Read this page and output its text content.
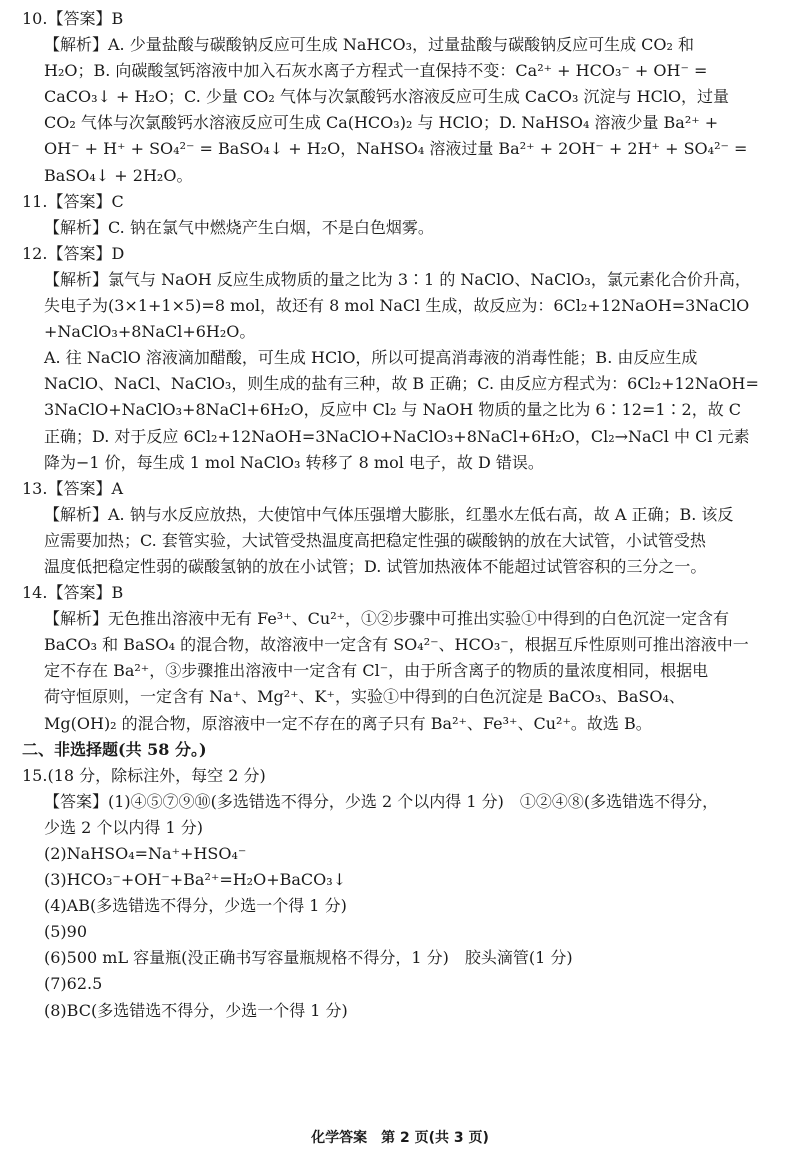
10.【答案】B
【解析】A. 少量盐酸与碳酸钠反应可生成 NaHCO₃，过量盐酸与碳酸钠反应可生成 CO₂ 和
H₂O；B. 向碳酸氢钙溶液中加入石灰水离子方程式一直保持不变：Ca²⁺ + HCO₃⁻ + OH⁻ =
CaCO₃↓ + H₂O；C. 少量 CO₂ 气体与次氯酸钙水溶液反应可生成 CaCO₃ 沉淀与 HClO，过量
CO₂ 气体与次氯酸钙水溶液反应可生成 Ca(HCO₃)₂ 与 HClO；D. NaHSO₄ 溶液少量 Ba²⁺ +
OH⁻ + H⁺ + SO₄²⁻ = BaSO₄↓ + H₂O，NaHSO₄ 溶液过量 Ba²⁺ + 2OH⁻ + 2H⁺ + SO₄²⁻ =
BaSO₄↓ + 2H₂O。
11.【答案】C
【解析】C. 钠在氯气中燃烧产生白烟，不是白色烟雾。
12.【答案】D
【解析】氯气与 NaOH 反应生成物质的量之比为 3∶1 的 NaClO、NaClO₃，氯元素化合价升高，
失电子为(3×1+1×5)=8 mol，故还有 8 mol NaCl 生成，故反应为：6Cl₂+12NaOH=3NaClO
+NaClO₃+8NaCl+6H₂O。
A. 往 NaClO 溶液滴加醋酸，可生成 HClO，所以可提高消毒液的消毒性能；B. 由反应生成
NaClO、NaCl、NaClO₃，则生成的盐有三种，故 B 正确；C. 由反应方程式为：6Cl₂+12NaOH=
3NaClO+NaClO₃+8NaCl+6H₂O，反应中 Cl₂ 与 NaOH 物质的量之比为 6∶12=1∶2，故 C
正确；D. 对于反应 6Cl₂+12NaOH=3NaClO+NaClO₃+8NaCl+6H₂O，Cl₂→NaCl 中 Cl 元素
降为−1 价，每生成 1 mol NaClO₃ 转移了 8 mol 电子，故 D 错误。
13.【答案】A
【解析】A. 钠与水反应放热，大使馆中气体压强增大膨胀，红墨水左低右高，故 A 正确；B. 该反
应需要加热；C. 套管实验，大试管受热温度高把稳定性强的碳酸钠的放在大试管，小试管受热
温度低把稳定性弱的碳酸氢钠的放在小试管；D. 试管加热液体不能超过试管容积的三分之一。
14.【答案】B
【解析】无色推出溶液中无有 Fe³⁺、Cu²⁺，①②步骤中可推出实验①中得到的白色沉淀一定含有
BaCO₃ 和 BaSO₄ 的混合物，故溶液中一定含有 SO₄²⁻、HCO₃⁻，根据互斥性原则可推出溶液中一
定不存在 Ba²⁺，③步骤推出溶液中一定含有 Cl⁻，由于所含离子的物质的量浓度相同，根据电
荷守恒原则，一定含有 Na⁺、Mg²⁺、K⁺，实验①中得到的白色沉淀是 BaCO₃、BaSO₄、
Mg(OH)₂ 的混合物，原溶液中一定不存在的离子只有 Ba²⁺、Fe³⁺、Cu²⁺。故选 B。
二、非选择题(共 58 分。)
15.(18 分，除标注外，每空 2 分)
【答案】(1)④⑤⑦⑨⑩(多选错选不得分，少选 2 个以内得 1 分)　①②④⑧(多选错选不得分，
少选 2 个以内得 1 分)
(2)NaHSO₄=Na⁺+HSO₄⁻
(3)HCO₃⁻+OH⁻+Ba²⁺=H₂O+BaCO₃↓
(4)AB(多选错选不得分，少选一个得 1 分)
(5)90
(6)500 mL 容量瓶(没正确书写容量瓶规格不得分，1 分)　胶头滴管(1 分)
(7)62.5
(8)BC(多选错选不得分，少选一个得 1 分)
化学答案　第 2 页(共 3 页)
